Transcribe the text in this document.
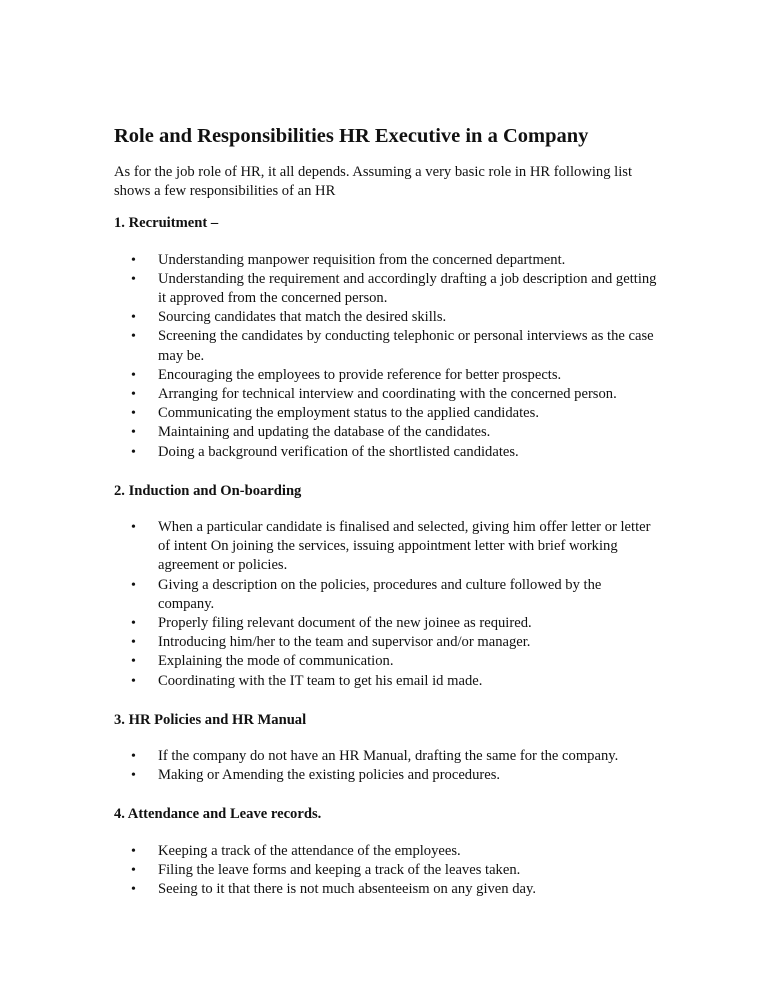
Role and Responsibilities HR Executive in a Company

As for the job role of HR, it all depends. Assuming a very basic role in HR following list shows a few responsibilities of an HR

1. Recruitment –
• Understanding manpower requisition from the concerned department.
• Understanding the requirement and accordingly drafting a job description and getting it approved from the concerned person.
• Sourcing candidates that match the desired skills.
• Screening the candidates by conducting telephonic or personal interviews as the case may be.
• Encouraging the employees to provide reference for better prospects.
• Arranging for technical interview and coordinating with the concerned person.
• Communicating the employment status to the applied candidates.
• Maintaining and updating the database of the candidates.
• Doing a background verification of the shortlisted candidates.
2. Induction and On-boarding
• When a particular candidate is finalised and selected, giving him offer letter or letter of intent On joining the services, issuing appointment letter with brief working agreement or policies.
• Giving a description on the policies, procedures and culture followed by the company.
• Properly filing relevant document of the new joinee as required.
• Introducing him/her to the team and supervisor and/or manager.
• Explaining the mode of communication.
• Coordinating with the IT team to get his email id made.
3. HR Policies and HR Manual
• If the company do not have an HR Manual, drafting the same for the company.
• Making or Amending the existing policies and procedures.
4. Attendance and Leave records.
• Keeping a track of the attendance of the employees.
• Filing the leave forms and keeping a track of the leaves taken.
• Seeing to it that there is not much absenteeism on any given day.
